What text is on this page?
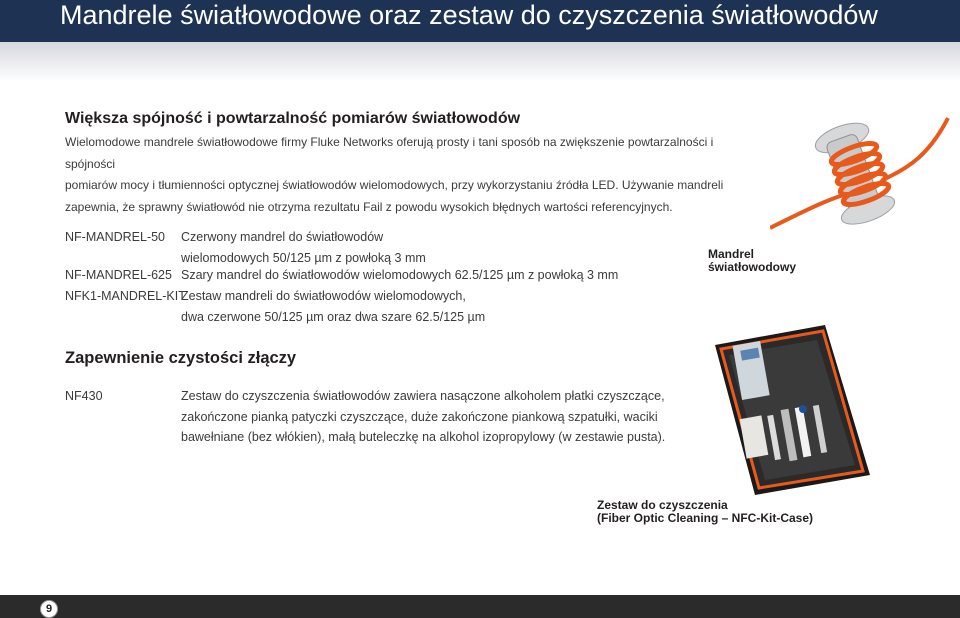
Mandrele światłowodowe oraz zestaw do czyszczenia światłowodów
Większa spójność i powtarzalność pomiarów światłowodów
Wielomodowe mandrele światłowodowe firmy Fluke Networks oferują prosty i tani sposób na zwiększenie powtarzalności i spójności
pomiarów mocy i tłumienności optycznej światłowodów wielomodowych, przy wykorzystaniu źródła LED. Używanie mandreli
zapewnia, że sprawny światłowód nie otrzyma rezultatu Fail z powodu wysokich błędnych wartości referencyjnych.
NF-MANDREL-50 Czerwony mandrel do światłowodów
wielomodowych 50/125 µm z powłoką 3 mm
NF-MANDREL-625 Szary mandrel do światłowodów wielomodowych 62.5/125 µm z powłoką 3 mm
NFK1-MANDREL-KIT
Zestaw mandreli do światłowodów wielomodowych,
dwa czerwone 50/125 µm oraz dwa szare 62.5/125 µm
Mandrel
światłowodowy
Zapewnienie czystości złączy
NF430	Zestaw do czyszczenia światłowodów zawiera nasączone alkoholem płatki czyszczące,
zakończone pianką patyczki czyszczące, duże zakończone piankową szpatułki, waciki
bawełniane (bez włókien), małą buteleczkę na alkohol izopropylowy (w zestawie pusta).
Zestaw do czyszczenia
(Fiber Optic Cleaning – NFC-Kit-Case)
9
